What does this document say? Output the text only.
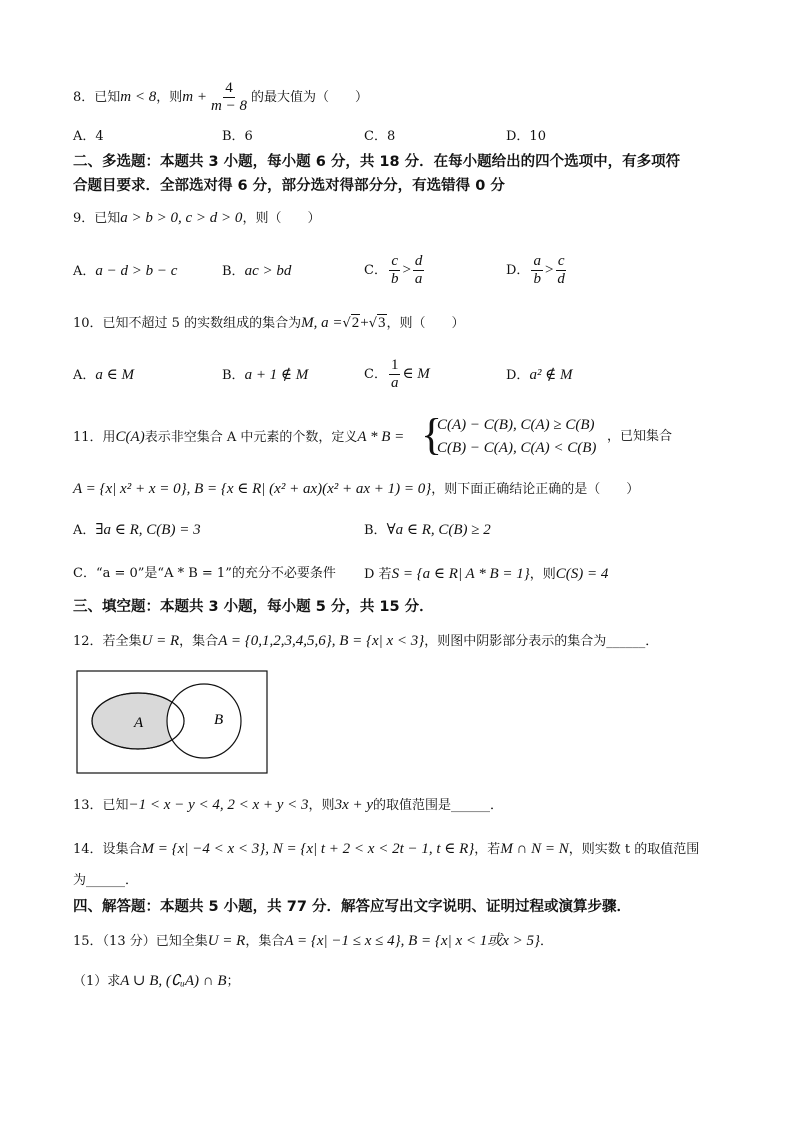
8．已知m < 8，则$m + \frac{4}{m - 8}$ 的最大值为（　　）
A．4	B．6	C．8	D．10
二、多选题：本题共 3 小题，每小题 6 分，共 18 分．在每小题给出的四个选项中，有多项符
合题目要求．全部选对得 6 分，部分选对得部分分，有选错得 0 分
9．已知a > b > 0, c > d > 0，则（　　）
A．a − d > b − c	B．ac > bd	C． $\frac{c}{b} > \frac{d}{a}$	D． $\frac{a}{b} > \frac{c}{d}$
10．已知不超过 5 的实数组成的集合为M, a =√2+√3，则（　　）
A．a ∈ M	B．a + 1 ∉ M	C． $\frac{1}{a}$ ∈ M	D．a² ∉ M
11．用C(A)表示非空集合 A 中元素的个数，定义A * B = {
C(A) − C(B), C(A) ≥ C(B)
C(B) − C(A), C(A) < C(B)
，已知集合
A = {x| x² + x = 0}, B = {x ∈ R| (x² + ax)(x² + ax + 1) = 0}，则下面正确结论正确的是（　　）
A．∃a ∈ R, C(B) = 3	B．∀a ∈ R, C(B) ≥ 2
C．“a = 0”是“A * B = 1”的充分不必要条件 D 若S = {a ∈ R| A * B = 1}，则C(S) = 4
三、填空题：本题共 3 小题，每小题 5 分，共 15 分．
12．若全集U = R，集合A = {0,1,2,3,4,5,6}, B = {x| x < 3}，则图中阴影部分表示的集合为______．
A	B
13．已知−1 < x − y < 4, 2 < x + y < 3，则3x + y的取值范围是______．
14．设集合M = {x| −4 < x < 3}, N = {x| t + 2 < x < 2t − 1, t ∈ R}，若M ∩ N = N，则实数 t 的取值范围
为______．
四、解答题：本题共 5 小题，共 77 分．解答应写出文字说明、证明过程或演算步骤．
15．（13 分）已知全集U = R，集合A = {x| −1 ≤ x ≤ 4}, B = {x| x < 1或x > 5}．
（1）求A ∪ B, (∁ᵤA) ∩ B；
